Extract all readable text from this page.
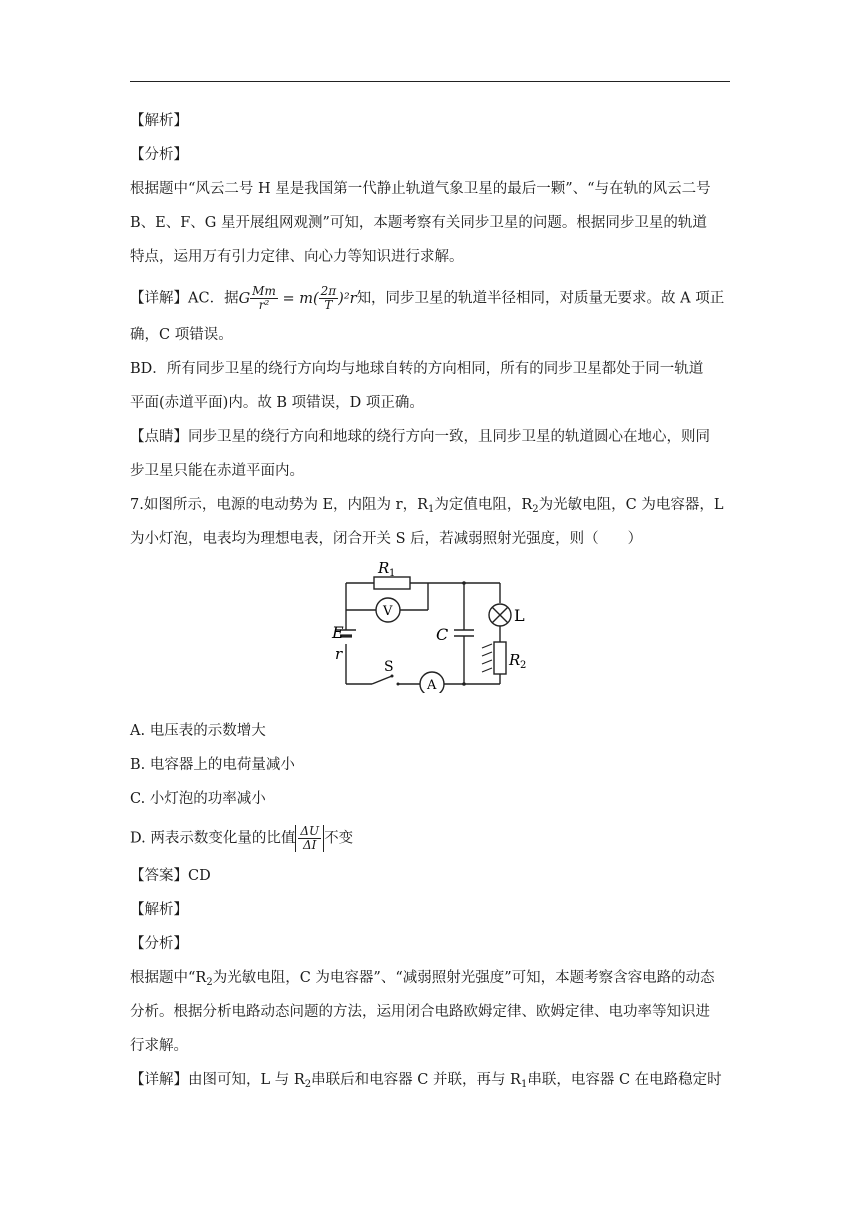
【解析】
【分析】
根据题中“风云二号 H 星是我国第一代静止轨道气象卫星的最后一颗”、“与在轨的风云二号
B、E、F、G 星开展组网观测”可知，本题考察有关同步卫星的问题。根据同步卫星的轨道
特点，运用万有引力定律、向心力等知识进行求解。
【详解】AC．据G $\frac{Mm}{\text{r²}} = m( \frac{2\pi}{T} )^2r$知，同步卫星的轨道半径相同，对质量无要求。故 A 项正
确，C 项错误。
BD．所有同步卫星的绕行方向均与地球自转的方向相同，所有的同步卫星都处于同一轨道
平面(赤道平面)内。故 B 项错误，D 项正确。
【点睛】同步卫星的绕行方向和地球的绕行方向一致，且同步卫星的轨道圆心在地心，则同
步卫星只能在赤道平面内。
7.如图所示，电源的电动势为 E，内阻为 r，$R_1$为定值电阻，$R_2$为光敏电阻，C 为电容器，L
为小灯泡，电表均为理想电表，闭合开关 S 后，若减弱照射光强度，则（　　）
R 1
V
E
r
C
L
R 2
S
A
A. 电压表的示数增大
B. 电容器上的电荷量减小
C. 小灯泡的功率减小
D. 两表示数变化量的比值 $\frac{\Delta U}{\Delta I}$ 不变
【答案】CD
【解析】
【分析】
根据题中“$R_2$为光敏电阻，C 为电容器”、“减弱照射光强度”可知，本题考察含容电路的动态
分析。根据分析电路动态问题的方法，运用闭合电路欧姆定律、欧姆定律、电功率等知识进
行求解。
【详解】由图可知，L 与 $R_2$串联后和电容器 C 并联，再与 $R_1$串联，电容器 C 在电路稳定时
